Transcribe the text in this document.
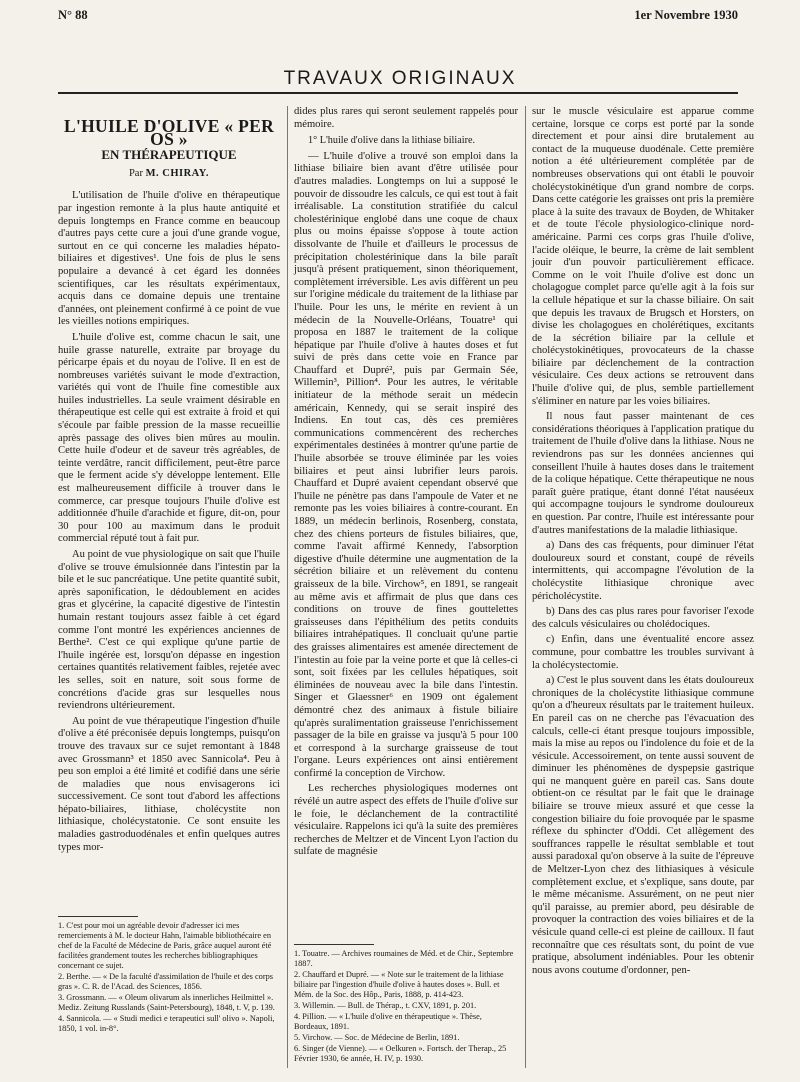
N° 88	1er Novembre 1930
TRAVAUX ORIGINAUX
L'HUILE D'OLIVE « PER OS »
EN THÉRAPEUTIQUE
Par M. CHIRAY.

L'utilisation de l'huile d'olive en thérapeutique par ingestion remonte à la plus haute antiquité et depuis longtemps en France comme en beaucoup d'autres pays cette cure a joui d'une grande vogue, surtout en ce qui concerne les maladies hépato-biliaires et digestives¹. Une fois de plus le sens populaire a devancé à cet égard les données scientifiques, car les résultats expérimentaux, acquis dans ce domaine depuis une trentaine d'années, ont pleinement confirmé à ce point de vue les vieilles notions empiriques.

L'huile d'olive est, comme chacun le sait, une huile grasse naturelle, extraite par broyage du péricarpe épais et du noyau de l'olive. Il en est de nombreuses variétés suivant le mode d'extraction, variétés qui vont de l'huile fine comestible aux huiles industrielles. La seule vraiment désirable en thérapeutique est celle qui est extraite à froid et qui s'écoule par faible pression de la masse recueillie après passage des olives bien mûres au moulin. Cette huile d'odeur et de saveur très agréables, de teinte verdâtre, rancit difficilement, peut-être parce que le ferment acide s'y développe lentement. Elle est malheureusement difficile à trouver dans le commerce, car presque toujours l'huile d'olive est additionnée d'huile d'arachide et figure, dit-on, pour 30 pour 100 au maximum dans le produit commercial réputé tout à fait pur.

Au point de vue physiologique on sait que l'huile d'olive se trouve émulsionnée dans l'intestin par la bile et le suc pancréatique. Une petite quantité subit, après saponification, le dédoublement en acides gras et glycérine, la capacité digestive de l'intestin humain restant toujours assez faible à cet égard comme l'ont montré les expériences anciennes de Berthe². C'est ce qui explique qu'une partie de l'huile ingérée est, lorsqu'on dépasse en ingestion certaines quantités relativement faibles, rejetée avec les selles, soit en nature, soit sous forme de concrétions d'acide gras sur lesquelles nous reviendrons ultérieurement.

Au point de vue thérapeutique l'ingestion d'huile d'olive a été préconisée depuis longtemps, puisqu'on trouve des travaux sur ce sujet remontant à 1848 avec Grossmann³ et 1850 avec Sannicola⁴. Peu à peu son emploi a été limité et codifié dans une série de maladies que nous envisagerons ici successivement. Ce sont tout d'abord les affections hépato-biliaires, lithiase, cholécystite non lithiasique, cholécystatonie. Ce sont ensuite les maladies gastroduodénales et enfin quelques autres types mor-

1. C'est pour moi un agréable devoir d'adresser ici mes remerciements à M. le docteur Hahn, l'aimable bibliothécaire en chef de la Faculté de Médecine de Paris, grâce auquel auront été facilitées grandement toutes les recherches bibliographiques concernant ce sujet.
2. Berthe. — « De la faculté d'assimilation de l'huile et des corps gras ». C. R. de l'Acad. des Sciences, 1856.
3. Grossmann. — « Oleum olivarum als innerliches Heilmittel ». Mediz. Zeitung Russlands (Saint-Petersbourg), 1848, t. V, p. 139.
4. Sannicola. — « Studi medici e terapeutici sull' olivo ». Napoli, 1850, 1 vol. in-8°.

dides plus rares qui seront seulement rappelés pour mémoire.

1° L'huile d'olive dans la lithiase biliaire.

— L'huile d'olive a trouvé son emploi dans la lithiase biliaire bien avant d'être utilisée pour d'autres maladies. Longtemps on lui a supposé le pouvoir de dissoudre les calculs, ce qui est tout à fait irréalisable. La constitution stratifiée du calcul cholestérinique englobé dans une coque de chaux plus ou moins épaisse s'oppose à toute action dissolvante de l'huile et d'ailleurs le processus de précipitation cholestérinique dans la bile paraît jusqu'à présent pratiquement, sinon théoriquement, complètement irréversible. Les avis diffèrent un peu sur l'origine médicale du traitement de la lithiase par l'huile. Pour les uns, le mérite en revient à un médecin de la Nouvelle-Orléans, Touatre¹ qui proposa en 1887 le traitement de la colique hépatique par l'huile d'olive à hautes doses et fut suivi de près dans cette voie en France par Chauffard et Dupré², puis par Germain Sée, Willemin³, Pillion⁴. Pour les autres, le véritable initiateur de la méthode serait un médecin américain, Kennedy, qui se serait inspiré des Indiens. En tout cas, dès ces premières communications commencèrent des recherches expérimentales destinées à montrer qu'une partie de l'huile absorbée se trouve éliminée par les voies biliaires et peut ainsi lubrifier leurs parois. Chauffard et Dupré avaient cependant observé que l'huile ne pénètre pas dans l'ampoule de Vater et ne remonte pas les voies biliaires à contre-courant. En 1889, un médecin berlinois, Rosenberg, constata, chez des chiens porteurs de fistules biliaires, que, comme l'avait affirmé Kennedy, l'absorption digestive d'huile détermine une augmentation de la sécrétion biliaire et un relèvement du contenu graisseux de la bile. Virchow⁵, en 1891, se rangeait au même avis et affirmait de plus que dans ces conditions on trouve de fines gouttelettes graisseuses dans l'épithélium des petits conduits biliaires intrahépatiques. Il concluait qu'une partie des graisses alimentaires est amenée directement de l'intestin au foie par la veine porte et que là celles-ci sont, soit fixées par les cellules hépatiques, soit éliminées de nouveau avec la bile dans l'intestin. Singer et Glaessner⁶ en 1909 ont également démontré chez des animaux à fistule biliaire qu'après suralimentation graisseuse l'enrichissement passager de la bile en graisse va jusqu'à 5 pour 100 et correspond à la surcharge graisseuse de tout l'organe. Leurs expériences ont ainsi entièrement confirmé la conception de Virchow.

Les recherches physiologiques modernes ont révélé un autre aspect des effets de l'huile d'olive sur le foie, le déclanchement de la contractilité vésiculaire. Rappelons ici qu'à la suite des premières recherches de Meltzer et de Vincent Lyon l'action du sulfate de magnésie

1. Touatre. — Archives roumaines de Méd. et de Chir., Septembre 1887.
2. Chauffard et Dupré. — « Note sur le traitement de la lithiase biliaire par l'ingestion d'huile d'olive à hautes doses ». Bull. et Mém. de la Soc. des Hôp., Paris, 1888, p. 414-423.
3. Willemin. — Bull. de Thérap., t. CXV, 1891, p. 201.
4. Pillion. — « L'huile d'olive en thérapeutique ». Thèse, Bordeaux, 1891.
5. Virchow. — Soc. de Médecine de Berlin, 1891.
6. Singer (de Vienne). — « Oelkuren ». Fortsch. der Therap., 25 Février 1930, 6e année, H. IV, p. 1930.

sur le muscle vésiculaire est apparue comme certaine, lorsque ce corps est porté par la sonde directement et pour ainsi dire brutalement au contact de la muqueuse duodénale. Cette première notion a été ultérieurement complétée par de nombreuses observations qui ont établi le pouvoir cholécystokinétique d'un grand nombre de corps. Dans cette catégorie les graisses ont pris la première place à la suite des travaux de Boyden, de Whitaker et de toute l'école physiologico-clinique nord-américaine. Parmi ces corps gras l'huile d'olive, l'acide oléique, le beurre, la crème de lait semblent jouir d'un pouvoir particulièrement efficace. Comme on le voit l'huile d'olive est donc un cholagogue complet parce qu'elle agit à la fois sur la cellule hépatique et sur la chasse biliaire. On sait que depuis les travaux de Brugsch et Horsters, on divise les cholagogues en cholérétiques, excitants de la sécrétion biliaire par la cellule et cholécystokinétiques, provocateurs de la chasse biliaire par déclenchement de la contraction vésiculaire. Ces deux actions se retrouvent dans l'huile d'olive qui, de plus, semble partiellement s'éliminer en nature par les voies biliaires.

Il nous faut passer maintenant de ces considérations théoriques à l'application pratique du traitement de l'huile d'olive dans la lithiase. Nous ne reviendrons pas sur les données anciennes qui conseillent l'huile à hautes doses dans le traitement de la colique hépatique. Cette thérapeutique ne nous paraît guère pratique, étant donné l'état nauséeux qui accompagne toujours le syndrome douloureux en question. Par contre, l'huile est intéressante pour d'autres manifestations de la maladie lithiasique.

a) Dans des cas fréquents, pour diminuer l'état douloureux sourd et constant, coupé de réveils intermittents, qui accompagne l'évolution de la cholécystite lithiasique chronique avec péricholécystite.

b) Dans des cas plus rares pour favoriser l'exode des calculs vésiculaires ou cholédociques.

c) Enfin, dans une éventualité encore assez commune, pour combattre les troubles survivant à la cholécystectomie.

a) C'est le plus souvent dans les états douloureux chroniques de la cholécystite lithiasique commune qu'on a d'heureux résultats par le traitement huileux. En pareil cas on ne cherche pas l'évacuation des calculs, celle-ci étant presque toujours impossible, mais la mise au repos ou l'indolence du foie et de la vésicule. Accessoirement, on tente aussi souvent de diminuer les phénomènes de dyspepsie gastrique qui ne manquent guère en pareil cas. Sans doute obtient-on ce résultat par le fait que le drainage biliaire se trouve mieux assuré et que cesse la congestion biliaire du foie provoquée par le spasme réflexe du sphincter d'Oddi. Cet allègement des souffrances rappelle le résultat semblable et tout aussi paradoxal qu'on observe à la suite de l'épreuve de Meltzer-Lyon chez des lithiasiques à vésicule complètement exclue, et s'explique, sans doute, par le même mécanisme. Assurément, on ne peut nier qu'il paraisse, au premier abord, peu désirable de provoquer la contraction des voies biliaires et de la vésicule quand celle-ci est pleine de cailloux. Il faut reconnaître que ces résultats sont, du point de vue pratique, absolument indéniables. Pour les obtenir nous avons coutume d'ordonner, pen-
